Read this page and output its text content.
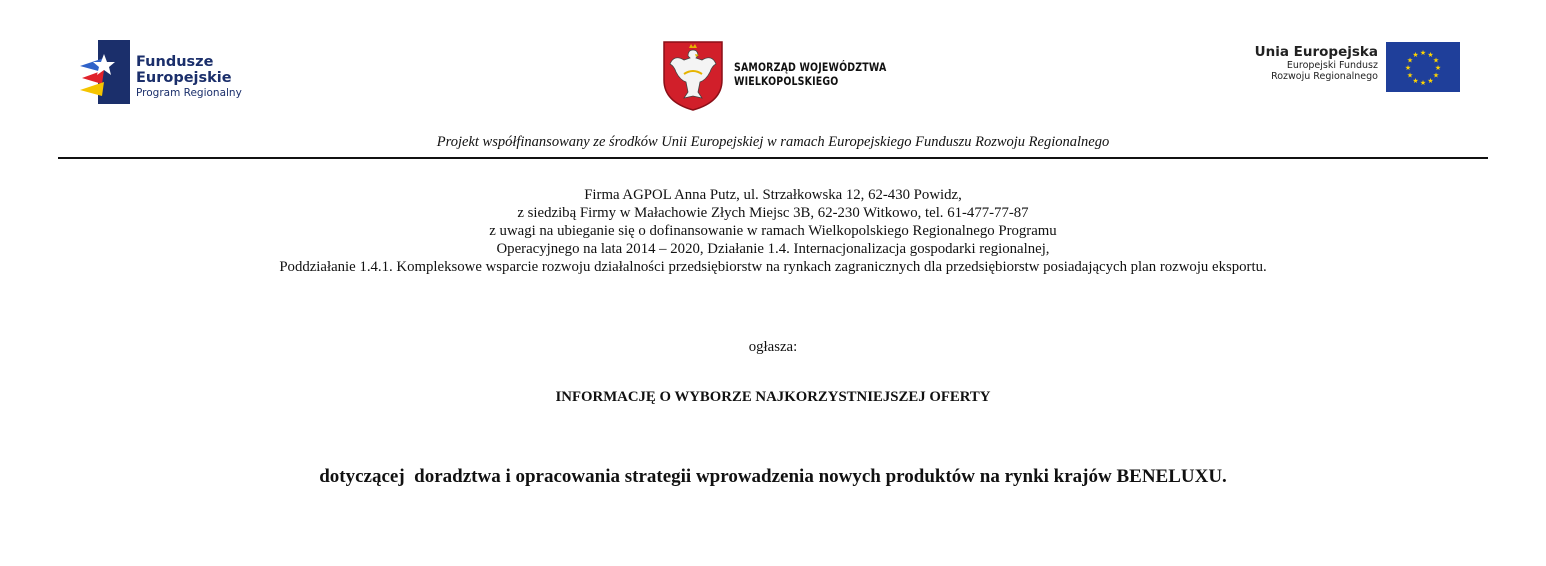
Fundusze
Europejskie
Program Regionalny
SAMORZĄD WOJEWÓDZTWA
WIELKOPOLSKIEGO
Unia Europejska
Europejski Fundusz
Rozwoju Regionalnego
★ ★
★
★
★
★
★
★
★
★
★
★
Projekt współfinansowany ze środków Unii Europejskiej w ramach Europejskiego Funduszu Rozwoju Regionalnego
Firma AGPOL Anna Putz, ul. Strzałkowska 12, 62-430 Powidz,
z siedzibą Firmy w Małachowie Złych Miejsc 3B, 62-230 Witkowo, tel. 61-477-77-87
z uwagi na ubieganie się o dofinansowanie w ramach Wielkopolskiego Regionalnego Programu
Operacyjnego na lata 2014 – 2020, Działanie 1.4. Internacjonalizacja gospodarki regionalnej,
Poddziałanie 1.4.1. Kompleksowe wsparcie rozwoju działalności przedsiębiorstw na rynkach zagranicznych dla przedsiębiorstw posiadających plan rozwoju eksportu.
ogłasza:
INFORMACJĘ O WYBORZE NAJKORZYSTNIEJSZEJ OFERTY
dotyczącej  doradztwa i opracowania strategii wprowadzenia nowych produktów na rynki krajów BENELUXU.
